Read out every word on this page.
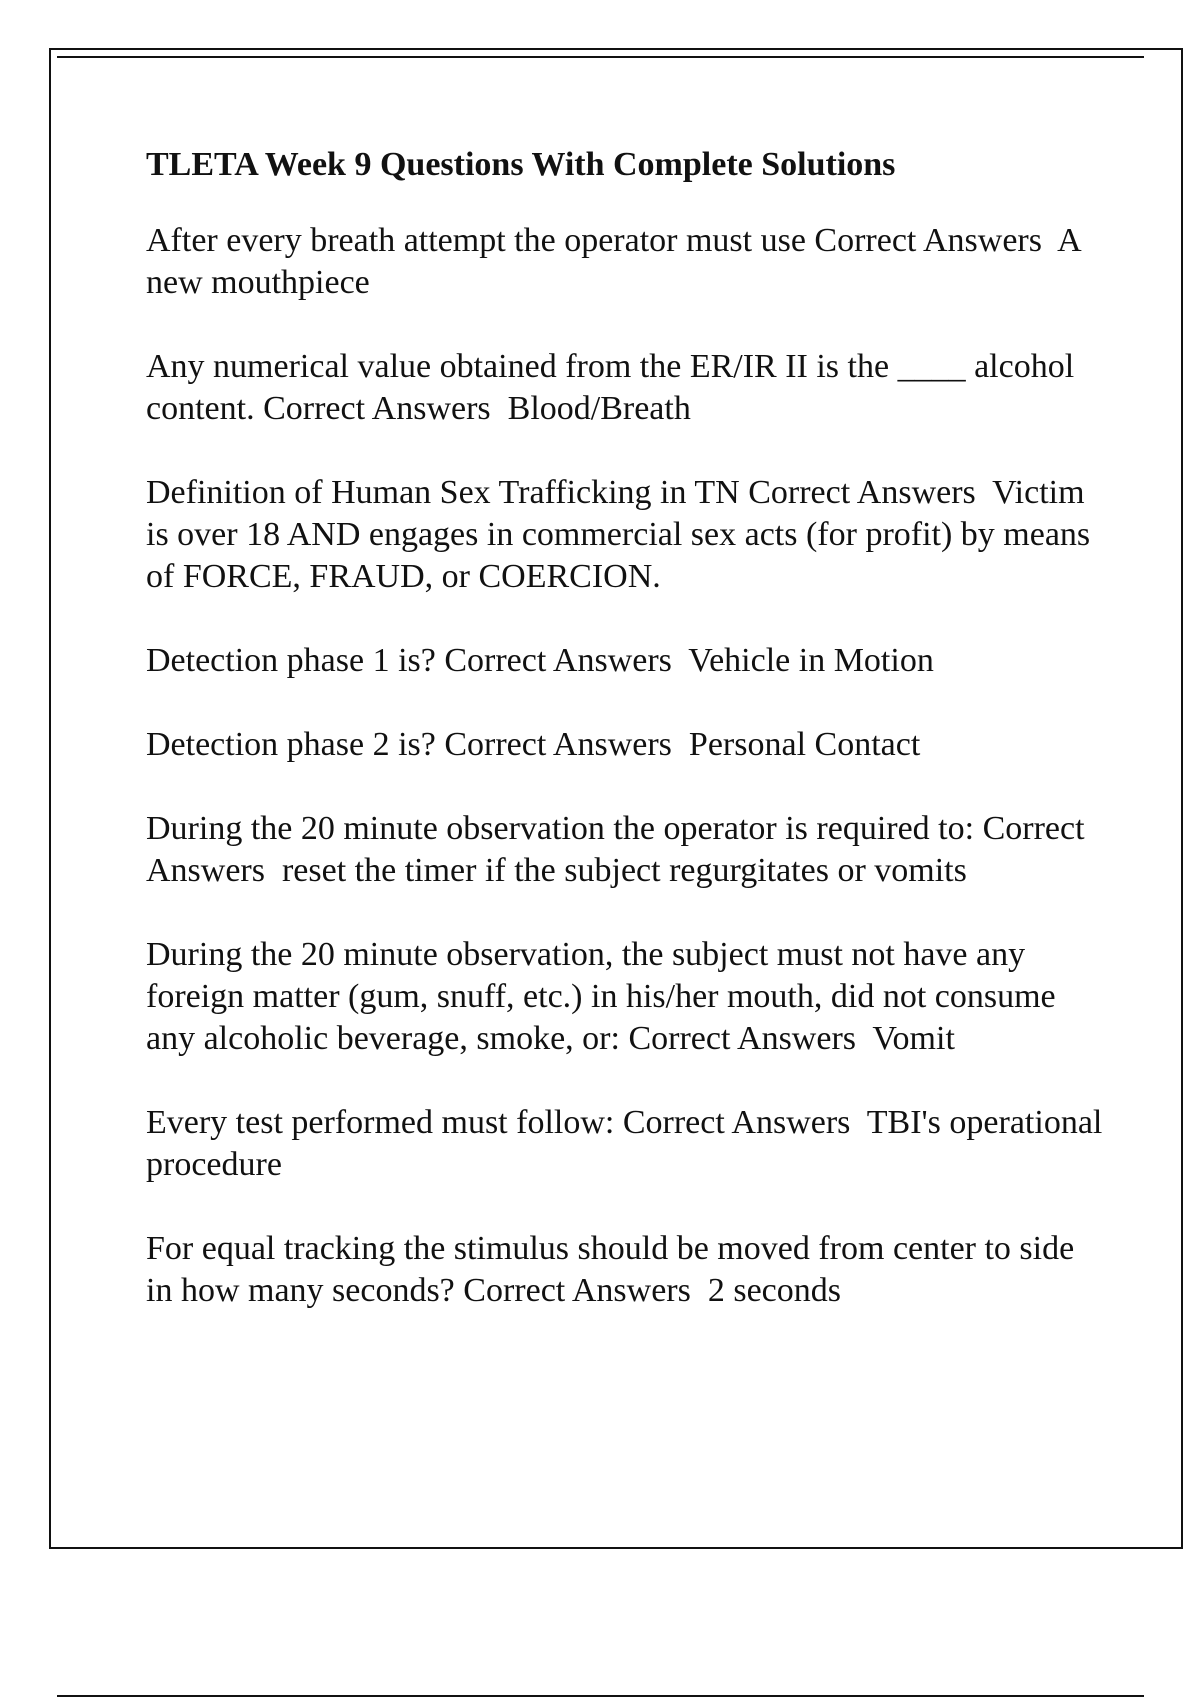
TLETA Week 9 Questions With Complete Solutions
After every breath attempt the operator must use Correct Answers  A new mouthpiece
Any numerical value obtained from the ER/IR II is the ____ alcohol content. Correct Answers  Blood/Breath
Definition of Human Sex Trafficking in TN Correct Answers  Victim is over 18 AND engages in commercial sex acts (for profit) by means of FORCE, FRAUD, or COERCION.
Detection phase 1 is? Correct Answers  Vehicle in Motion
Detection phase 2 is? Correct Answers  Personal Contact
During the 20 minute observation the operator is required to: Correct Answers  reset the timer if the subject regurgitates or vomits
During the 20 minute observation, the subject must not have any foreign matter (gum, snuff, etc.) in his/her mouth, did not consume any alcoholic beverage, smoke, or: Correct Answers  Vomit
Every test performed must follow: Correct Answers  TBI's operational procedure
For equal tracking the stimulus should be moved from center to side in how many seconds? Correct Answers  2 seconds
